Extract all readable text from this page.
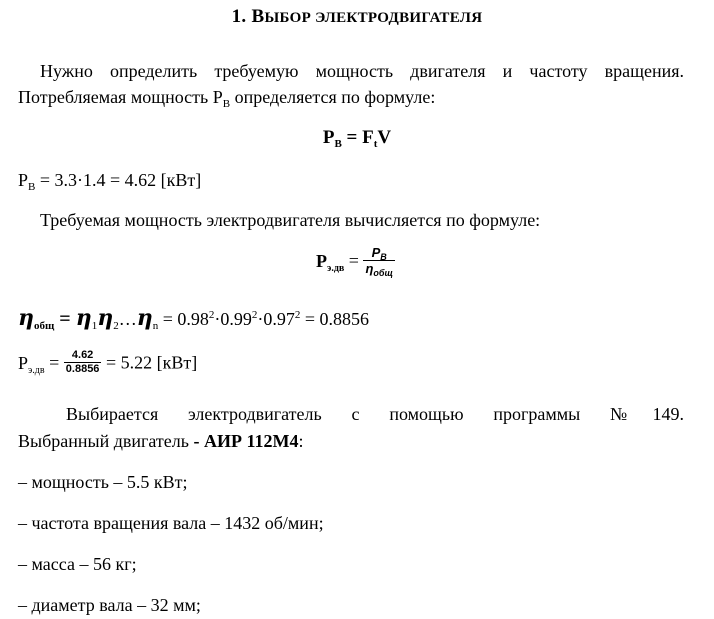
1. ВЫБОР ЭЛЕКТРОДВИГАТЕЛЯ
Нужно определить требуемую мощность двигателя и частоту вращения.
Потребляемая мощность $P_B$ определяется по формуле:
$P_B = F_tV$
$P_B = 3.3\cdot 1.4 = 4.62$ [кВт]
Требуемая мощность электродвигателя вычисляется по формуле:
$P_{э.дв} = \frac{P_B}{\eta_{общ}}$
$\eta_{общ}$ = $\eta_1\eta_2\dots\eta_n = 0.98^2\cdot 0.99^2\cdot 0.97^2 = 0.8856$
$P_{э.дв} = \frac{4.62}{0.8856} = 5.22$ [кВт]
Выбирается электродвигатель с помощью программы №149.
Выбранный двигатель - АИР 112М4:
– мощность – 5.5 кВт;
– частота вращения вала – 1432 об/мин;
– масса – 56 кг;
– диаметр вала – 32 мм;
